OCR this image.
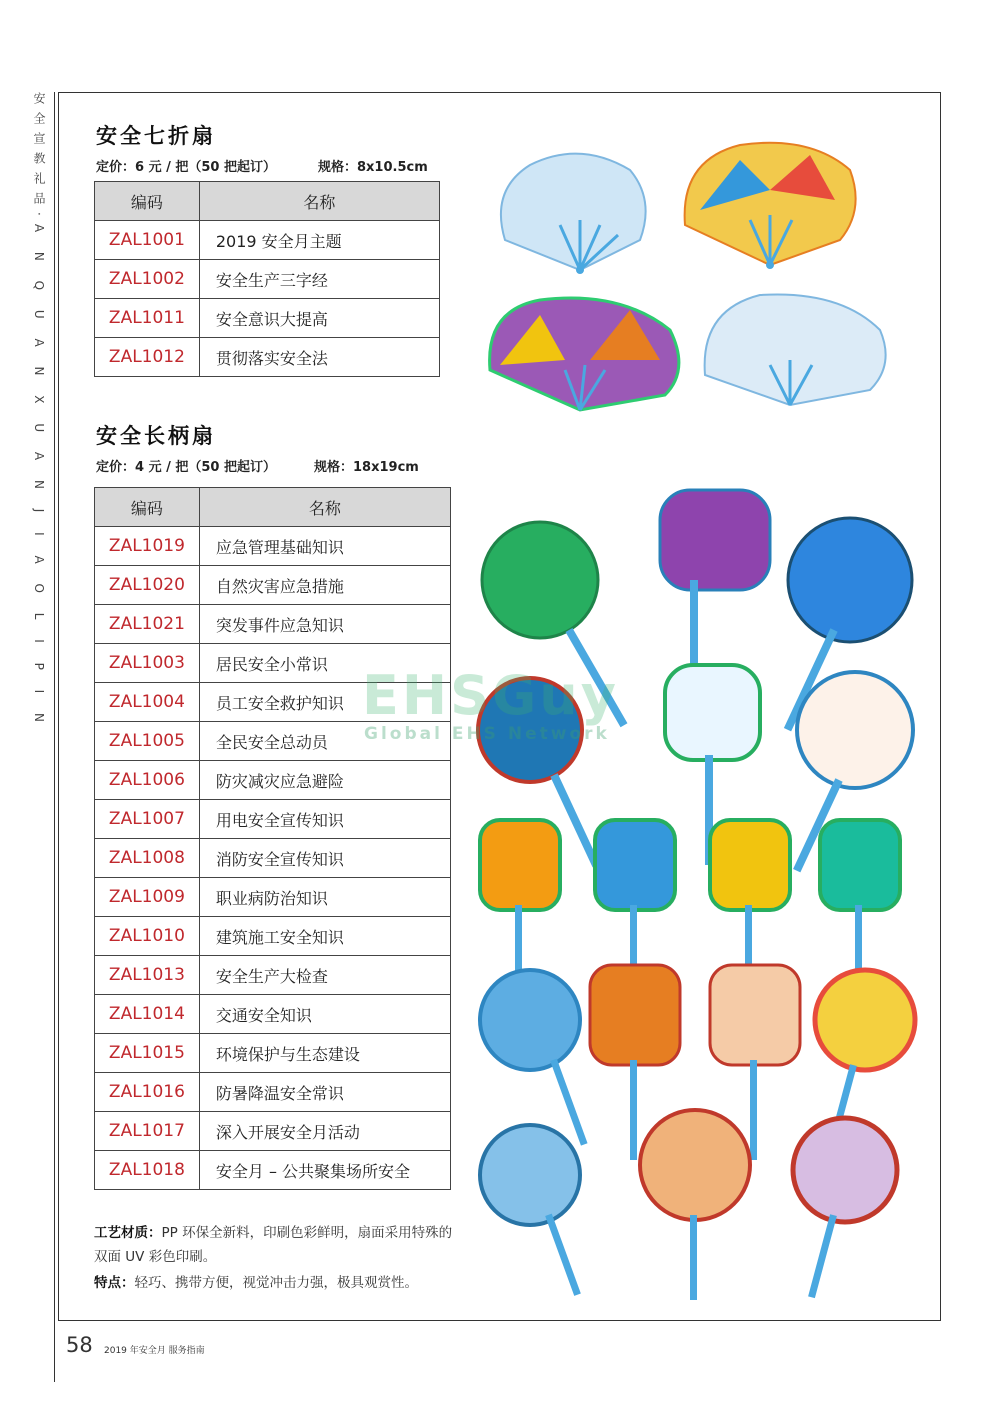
安全宣教礼品·A N Q U A N X U A N J I A O L I P I N 安全七折扇
定价：6 元 / 把（50 把起订）	规格：8x10.5cm
编码	名称
ZAL1001	2019 安全月主题
ZAL1002	安全生产三字经
ZAL1011	安全意识大提高
ZAL1012	贯彻落实安全法
安全长柄扇
定价：4 元 / 把（50 把起订）	规格：18x19cm
编码	名称
ZAL1019	应急管理基础知识
ZAL1020	自然灾害应急措施
ZAL1021	突发事件应急知识
ZAL1003	居民安全小常识
ZAL1004	员工安全救护知识
ZAL1005	全民安全总动员
ZAL1006	防灾减灾应急避险
ZAL1007	用电安全宣传知识
ZAL1008	消防安全宣传知识
ZAL1009	职业病防治知识
ZAL1010	建筑施工安全知识
ZAL1013	安全生产大检查
ZAL1014	交通安全知识
ZAL1015	环境保护与生态建设
ZAL1016	防暑降温安全常识
ZAL1017	深入开展安全月活动
ZAL1018	安全月 – 公共聚集场所安全
工艺材质：PP 环保全新料，印刷色彩鲜明，扇面采用特殊的双面 UV 彩色印刷。
特点：轻巧、携带方便，视觉冲击力强，极具观赏性。
EHSGuy
Global EHS Network
58 2019 年安全月 服务指南
